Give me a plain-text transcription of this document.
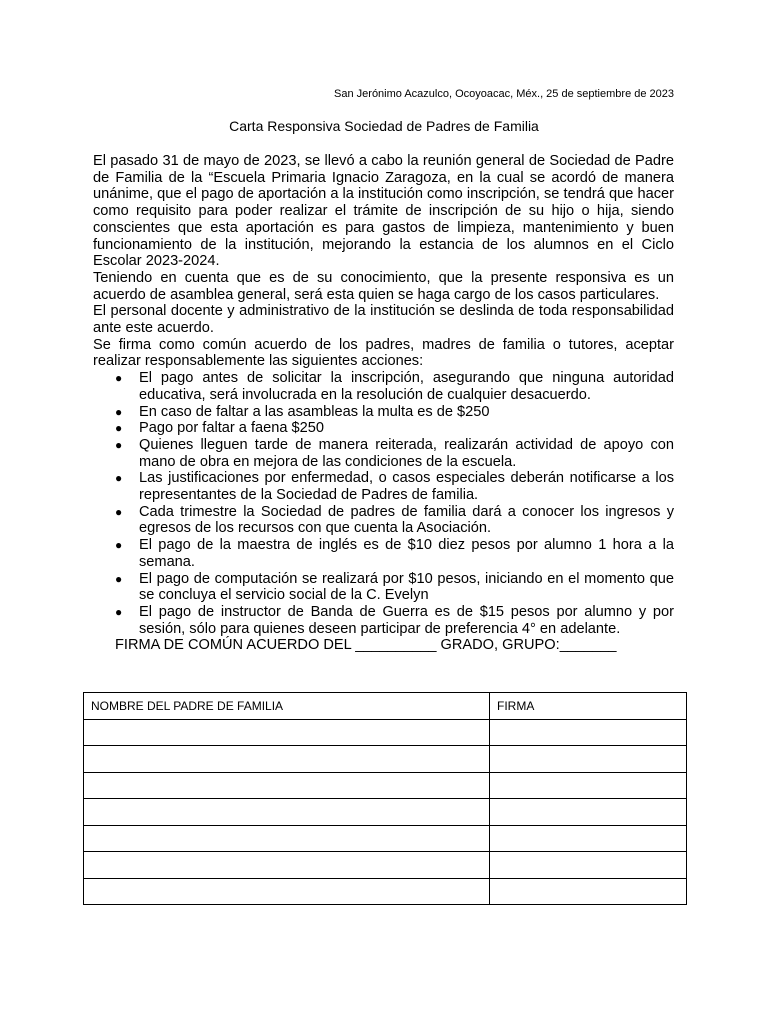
San Jerónimo Acazulco, Ocoyoacac, Méx., 25 de septiembre de 2023
Carta Responsiva Sociedad de Padres de Familia

El pasado 31 de mayo de 2023, se llevó a cabo la reunión general de Sociedad de Padre de Familia de la “Escuela Primaria Ignacio Zaragoza, en la cual se acordó de manera unánime, que el pago de aportación a la institución como inscripción, se tendrá que hacer como requisito para poder realizar el trámite de inscripción de su hijo o hija, siendo conscientes que esta aportación es para gastos de limpieza, mantenimiento y buen funcionamiento de la institución, mejorando la estancia de los alumnos en el Ciclo Escolar 2023-2024.

Teniendo en cuenta que es de su conocimiento, que la presente responsiva es un acuerdo de asamblea general, será esta quien se haga cargo de los casos particulares.

El personal docente y administrativo de la institución se deslinda de toda responsabilidad ante este acuerdo.

Se firma como común acuerdo de los padres, madres de familia o tutores, aceptar realizar responsablemente las siguientes acciones:

● El pago antes de solicitar la inscripción, asegurando que ninguna autoridad educativa, será involucrada en la resolución de cualquier desacuerdo.
● En caso de faltar a las asambleas la multa es de $250
● Pago por faltar a faena $250
● Quienes lleguen tarde de manera reiterada, realizarán actividad de apoyo con mano de obra en mejora de las condiciones de la escuela.
● Las justificaciones por enfermedad, o casos especiales deberán notificarse a los representantes de la Sociedad de Padres de familia.
● Cada trimestre la Sociedad de padres de familia dará a conocer los ingresos y egresos de los recursos con que cuenta la Asociación.
● El pago de la maestra de inglés es de $10 diez pesos por alumno 1 hora a la semana.
● El pago de computación se realizará por $10 pesos, iniciando en el momento que se concluya el servicio social de la C. Evelyn
● El pago de instructor de Banda de Guerra es de $15 pesos por alumno y por sesión, sólo para quienes deseen participar de preferencia 4° en adelante.
FIRMA DE COMÚN ACUERDO DEL __________ GRADO, GRUPO:_______
NOMBRE DEL PADRE DE FAMILIA	FIRMA
